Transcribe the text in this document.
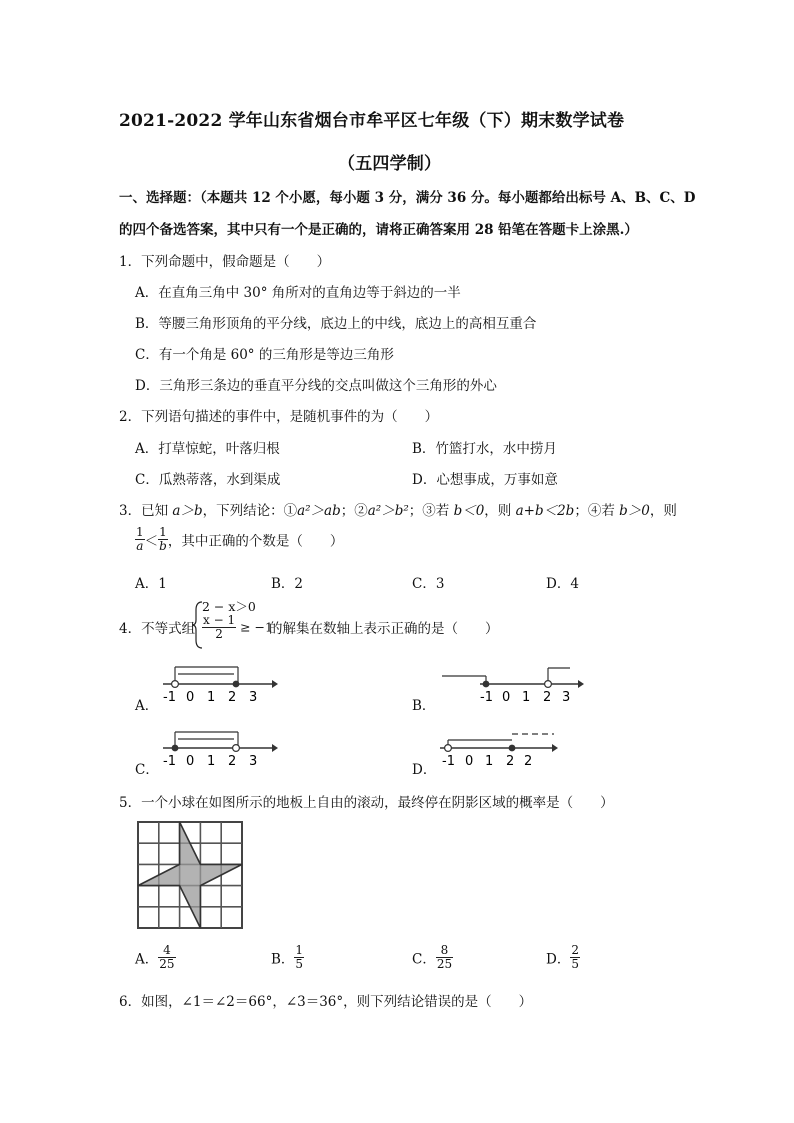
2021-2022 学年山东省烟台市牟平区七年级（下）期末数学试卷
（五四学制）
一、选择题：（本题共 12 个小愿，每小题 3 分，满分 36 分。每小题都给出标号 A、B、C、D
的四个备选答案，其中只有一个是正确的，请将正确答案用 28 铅笔在答题卡上涂黑.）
1．下列命题中，假命题是（　　）
A．在直角三角中 30° 角所对的直角边等于斜边的一半
B．等腰三角形顶角的平分线，底边上的中线，底边上的高相互重合
C．有一个角是 60° 的三角形是等边三角形
D．三角形三条边的垂直平分线的交点叫做这个三角形的外心
2．下列语句描述的事件中，是随机事件的为（　　）
A．打草惊蛇，叶落归根	B．竹篮打水，水中捞月
C．瓜熟蒂落，水到渠成	D．心想事成，万事如意
3．已知 a＞b，下列结论：①a²＞ab；②a²＞b²；③若 b＜0，则 a+b＜2b；④若 b＞0，则
$\frac{1}{a} < \frac{1}{b}$ ，其中正确的个数是（　　）
A．1	B．2	C．3	D．4
4．不等式组
2 − x＞0
$\frac{x - 1}{2} \ge -1$
的解集在数轴上表示正确的是（　　）
A．
-1 0 1 2 3
B．
-1 0 1 2 3
C．
-1 0 1 2 3
D．
-1 0 1 2 2
5．一个小球在如图所示的地板上自由的滚动，最终停在阴影区域的概率是（　　）
A． $\frac{4}{25}$	B． $\frac{1}{5}$	C． $\frac{8}{25}$	D． $\frac{2}{5}$
6．如图，∠1＝∠2＝66°，∠3＝36°，则下列结论错误的是（　　）
